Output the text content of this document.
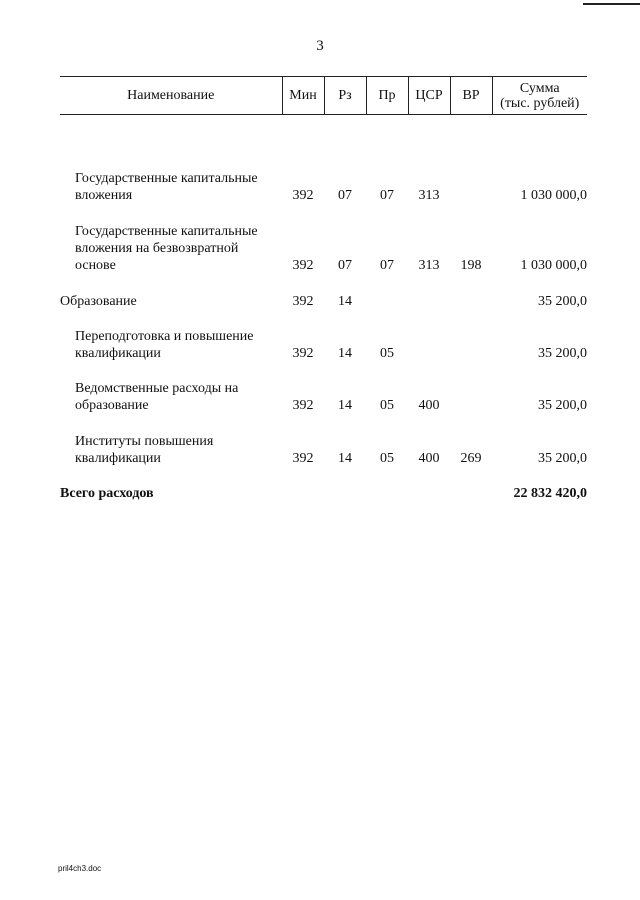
3
Наименование	Мин	Рз	Пр	ЦСР	ВР	Сумма
(тыс. рублей)
Государственные капитальные вложения	392	07	07	313		1 030 000,0
Государственные капитальные вложения на безвозвратной основе	392	07	07	313	198	1 030 000,0
Образование	392	14				35 200,0
Переподготовка и повышение квалификации	392	14	05			35 200,0
Ведомственные расходы на образование	392	14	05	400		35 200,0
Институты повышения квалификации	392	14	05	400	269	35 200,0
Всего расходов						22 832 420,0
pril4ch3.doc
